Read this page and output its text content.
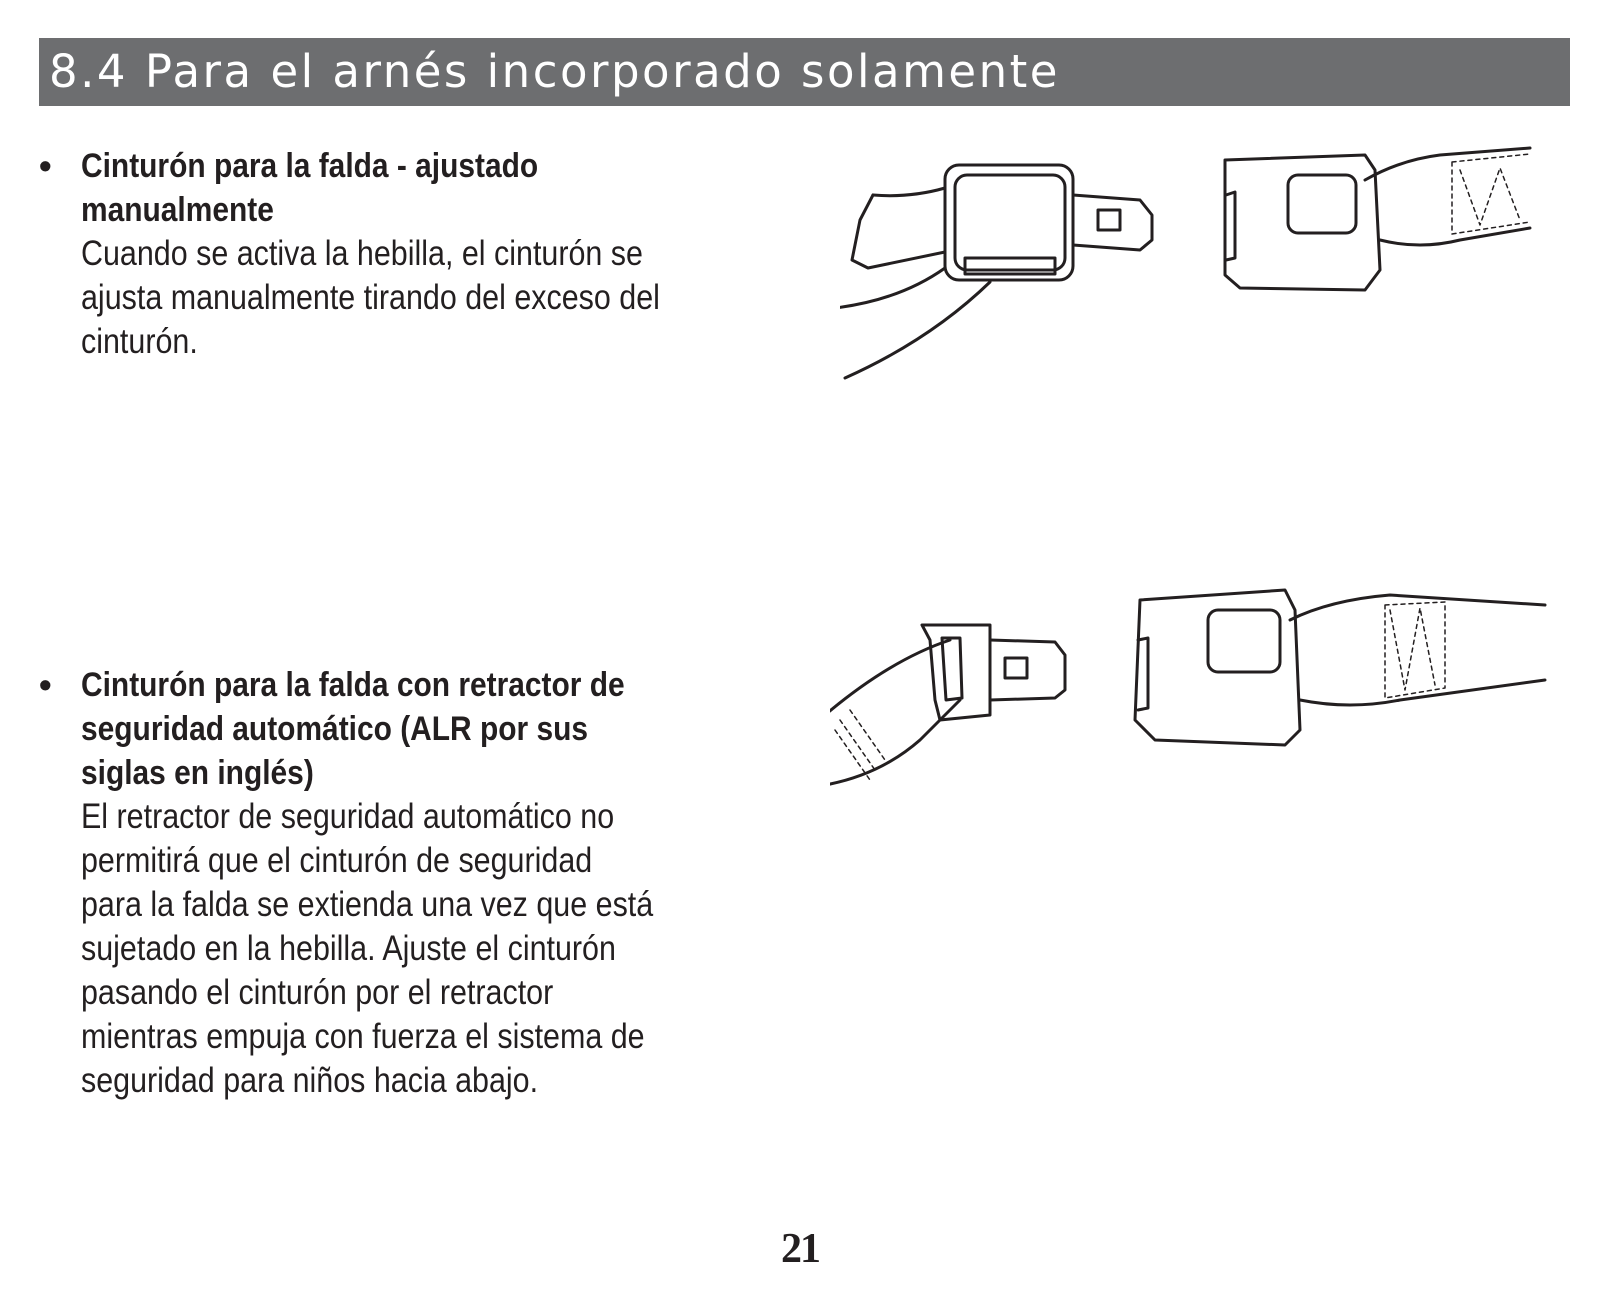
8.4 Para el arnés incorporado solamente
• Cinturón para la falda - ajustado
manualmente
Cuando se activa la hebilla, el cinturón se
ajusta manualmente tirando del exceso del
cinturón.
• Cinturón para la falda con retractor de
seguridad automático (ALR por sus
siglas en inglés)
El retractor de seguridad automático no
permitirá que el cinturón de seguridad
para la falda se extienda una vez que está
sujetado en la hebilla. Ajuste el cinturón
pasando el cinturón por el retractor
mientras empuja con fuerza el sistema de
seguridad para niños hacia abajo.
21
